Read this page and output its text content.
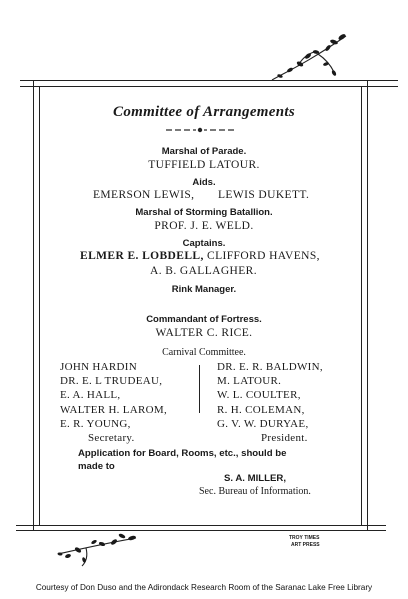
Committee of Arrangements
Marshal of Parade.
TUFFIELD LATOUR.
Aids.
EMERSON LEWIS, LEWIS DUKETT.
Marshal of Storming Batallion.
PROF. J. E. WELD.
Captains.
ELMER E. LOBDELL, CLIFFORD HAVENS,
A. B. GALLAGHER.
Rink Manager.
Commandant of Fortress.
WALTER C. RICE.
Carnival Committee.
JOHN HARDIN
DR. E. L TRUDEAU,
E. A. HALL,
WALTER H. LAROM,
E. R. YOUNG,
Secretary.
DR. E. R. BALDWIN,
M. LATOUR.
W. L. COULTER,
R. H. COLEMAN,
G. V. W. DURYAE,
President.
Application for Board, Rooms, etc., should be
made to
S. A. MILLER,
Sec. Bureau of Information.
TROY TIMES
ART PRESS
Courtesy of Don Duso and the Adirondack Research Room of the Saranac Lake Free Library
